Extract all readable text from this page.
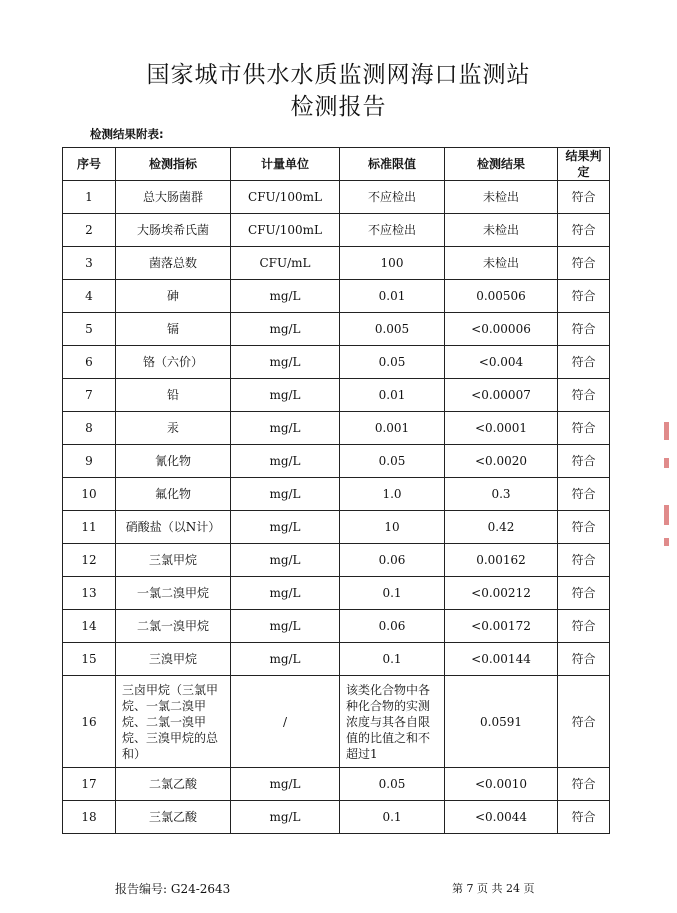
国家城市供水水质监测网海口监测站
检测报告
检测结果附表:
序号	检测指标	计量单位	标准限值	检测结果	结果判定
1	总大肠菌群	CFU/100mL	不应检出	未检出	符合
2	大肠埃希氏菌	CFU/100mL	不应检出	未检出	符合
3	菌落总数	CFU/mL	100	未检出	符合
4	砷	mg/L	0.01	0.00506	符合
5	镉	mg/L	0.005	<0.00006	符合
6	铬（六价）	mg/L	0.05	<0.004	符合
7	铅	mg/L	0.01	<0.00007	符合
8	汞	mg/L	0.001	<0.0001	符合
9	氰化物	mg/L	0.05	<0.0020	符合
10	氟化物	mg/L	1.0	0.3	符合
11	硝酸盐（以N计）	mg/L	10	0.42	符合
12	三氯甲烷	mg/L	0.06	0.00162	符合
13	一氯二溴甲烷	mg/L	0.1	<0.00212	符合
14	二氯一溴甲烷	mg/L	0.06	<0.00172	符合
15	三溴甲烷	mg/L	0.1	<0.00144	符合
16	三卤甲烷（三氯甲烷、一氯二溴甲烷、二氯一溴甲烷、三溴甲烷的总和）	/	该类化合物中各种化合物的实测浓度与其各自限值的比值之和不超过1	0.0591	符合
17	二氯乙酸	mg/L	0.05	<0.0010	符合
18	三氯乙酸	mg/L	0.1	<0.0044	符合
报告编号: G24-2643	第 7 页 共 24 页
